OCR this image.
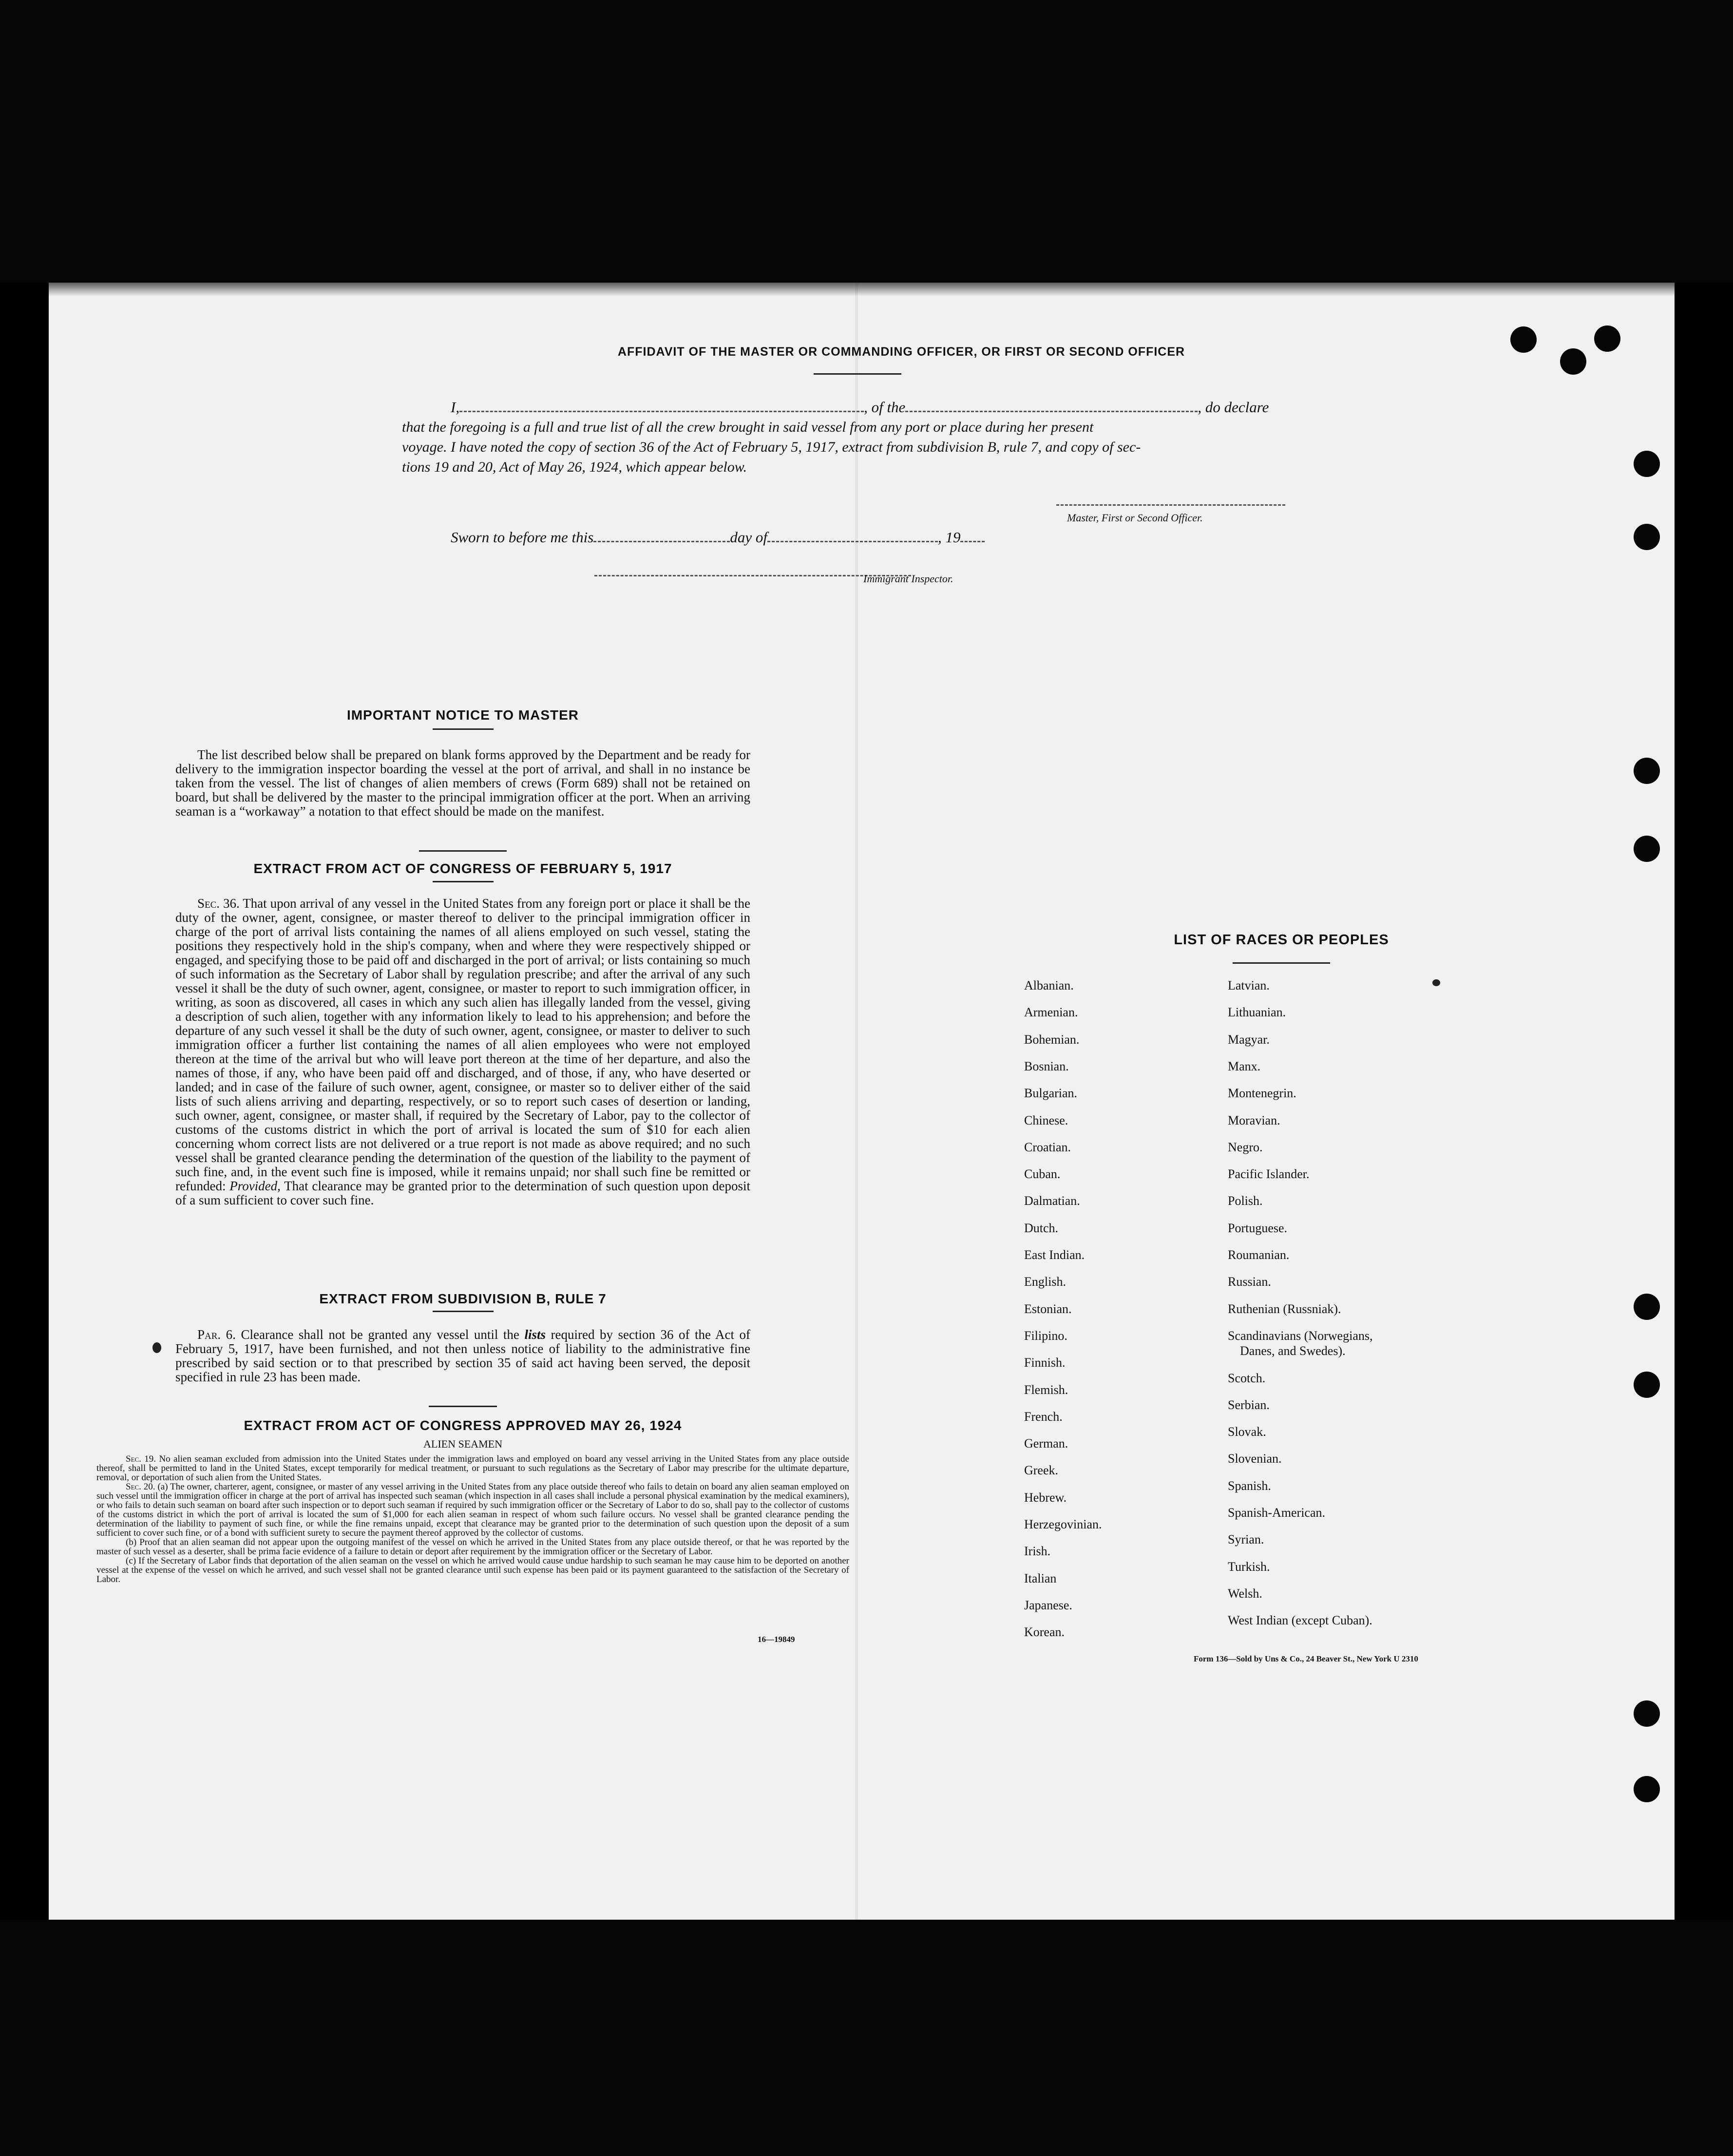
AFFIDAVIT OF THE MASTER OR COMMANDING OFFICER, OR FIRST OR SECOND OFFICER
I,	, of the	, do declare
that the foregoing is a full and true list of all the crew brought in said vessel from any port or place during her present
voyage. I have noted the copy of section 36 of the Act of February 5, 1917, extract from subdivision B, rule 7, and copy of sec-
tions 19 and 20, Act of May 26, 1924, which appear below.
Master, First or Second Officer.
Sworn to before me this	day of	, 19
Immigrant Inspector.
IMPORTANT NOTICE TO MASTER
The list described below shall be prepared on blank forms approved by the Department and be ready for delivery to the immigration inspector boarding the vessel at the port of arrival, and shall in no instance be taken from the vessel. The list of changes of alien members of crews (Form 689) shall not be retained on board, but shall be delivered by the master to the principal immigration officer at the port. When an arriving seaman is a “workaway” a notation to that effect should be made on the manifest.
EXTRACT FROM ACT OF CONGRESS OF FEBRUARY 5, 1917
Sec. 36. That upon arrival of any vessel in the United States from any foreign port or place it shall be the duty of the owner, agent, consignee, or master thereof to deliver to the principal immigration officer in charge of the port of arrival lists containing the names of all aliens employed on such vessel, stating the positions they respectively hold in the ship's company, when and where they were respectively shipped or engaged, and specifying those to be paid off and discharged in the port of arrival; or lists containing so much of such information as the Secretary of Labor shall by regulation prescribe; and after the arrival of any such vessel it shall be the duty of such owner, agent, consignee, or master to report to such immigration officer, in writing, as soon as discovered, all cases in which any such alien has illegally landed from the vessel, giving a description of such alien, together with any information likely to lead to his apprehension; and before the departure of any such vessel it shall be the duty of such owner, agent, consignee, or master to deliver to such immigration officer a further list containing the names of all alien employees who were not employed thereon at the time of the arrival but who will leave port thereon at the time of her departure, and also the names of those, if any, who have been paid off and discharged, and of those, if any, who have deserted or landed; and in case of the failure of such owner, agent, consignee, or master so to deliver either of the said lists of such aliens arriving and departing, respectively, or so to report such cases of desertion or landing, such owner, agent, consignee, or master shall, if required by the Secretary of Labor, pay to the collector of customs of the customs district in which the port of arrival is located the sum of $10 for each alien concerning whom correct lists are not delivered or a true report is not made as above required; and no such vessel shall be granted clearance pending the determination of the question of the liability to the payment of such fine, and, in the event such fine is imposed, while it remains unpaid; nor shall such fine be remitted or refunded: Provided, That clearance may be granted prior to the determination of such question upon deposit of a sum sufficient to cover such fine.
EXTRACT FROM SUBDIVISION B, RULE 7
Par. 6. Clearance shall not be granted any vessel until the lists required by section 36 of the Act of February 5, 1917, have been furnished, and not then unless notice of liability to the administrative fine prescribed by said section or to that prescribed by section 35 of said act having been served, the deposit specified in rule 23 has been made.
EXTRACT FROM ACT OF CONGRESS APPROVED MAY 26, 1924
ALIEN SEAMEN
Sec. 19. No alien seaman excluded from admission into the United States under the immigration laws and employed on board any vessel arriving in the United States from any place outside thereof, shall be permitted to land in the United States, except temporarily for medical treatment, or pursuant to such regulations as the Secretary of Labor may prescribe for the ultimate departure, removal, or deportation of such alien from the United States.
Sec. 20. (a) The owner, charterer, agent, consignee, or master of any vessel arriving in the United States from any place outside thereof who fails to detain on board any alien seaman employed on such vessel until the immigration officer in charge at the port of arrival has inspected such seaman (which inspection in all cases shall include a personal physical examination by the medical examiners), or who fails to detain such seaman on board after such inspection or to deport such seaman if required by such immigration officer or the Secretary of Labor to do so, shall pay to the collector of customs of the customs district in which the port of arrival is located the sum of $1,000 for each alien seaman in respect of whom such failure occurs. No vessel shall be granted clearance pending the determination of the liability to payment of such fine, or while the fine remains unpaid, except that clearance may be granted prior to the determination of such question upon the deposit of a sum sufficient to cover such fine, or of a bond with sufficient surety to secure the payment thereof approved by the collector of customs.
(b) Proof that an alien seaman did not appear upon the outgoing manifest of the vessel on which he arrived in the United States from any place outside thereof, or that he was reported by the master of such vessel as a deserter, shall be prima facie evidence of a failure to detain or deport after requirement by the immigration officer or the Secretary of Labor.
(c) If the Secretary of Labor finds that deportation of the alien seaman on the vessel on which he arrived would cause undue hardship to such seaman he may cause him to be deported on another vessel at the expense of the vessel on which he arrived, and such vessel shall not be granted clearance until such expense has been paid or its payment guaranteed to the satisfaction of the Secretary of Labor.
16—19849
LIST OF RACES OR PEOPLES
Form 136—Sold by Uns & Co., 24 Beaver St., New York U 2310
Albanian.
Armenian.
Bohemian.
Bosnian.
Bulgarian.
Chinese.
Croatian.
Cuban.
Dalmatian.
Dutch.
East Indian.
English.
Estonian.
Filipino.
Finnish.
Flemish.
French.
German.
Greek.
Hebrew.
Herzegovinian.
Irish.
Italian
Japanese.
Korean.
Latvian.
Lithuanian.
Magyar.
Manx.
Montenegrin.
Moravian.
Negro.
Pacific Islander.
Polish.
Portuguese.
Roumanian.
Russian.
Ruthenian (Russniak).
Scandinavians (Norwegians,
Danes, and Swedes).
Scotch.
Serbian.
Slovak.
Slovenian.
Spanish.
Spanish-American.
Syrian.
Turkish.
Welsh.
West Indian (except Cuban).
